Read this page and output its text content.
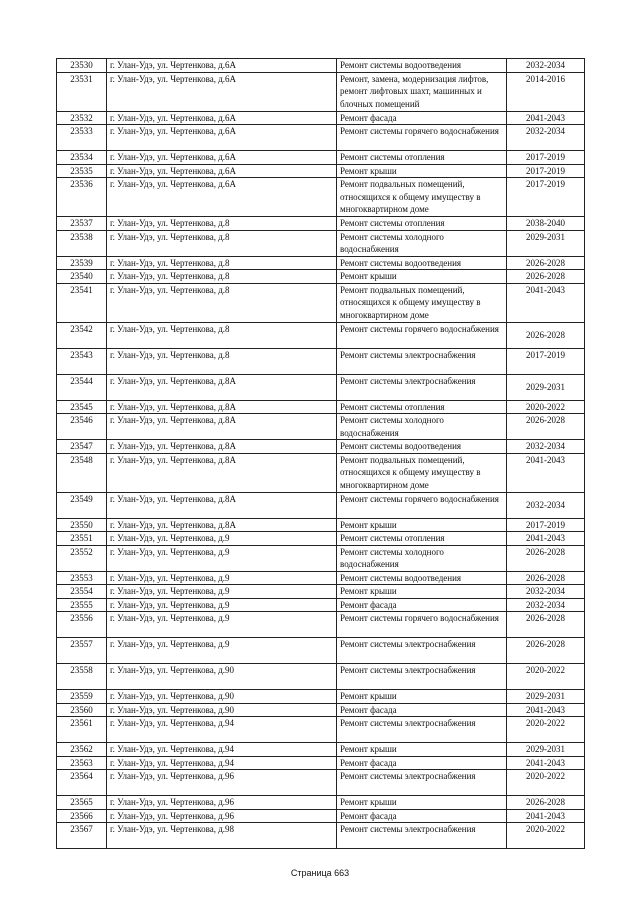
23530	г. Улан-Удэ, ул. Чертенкова, д.6А	Ремонт системы водоотведения	2032-2034
23531	г. Улан-Удэ, ул. Чертенкова, д.6А	Ремонт, замена, модернизация лифтов, ремонт лифтовых шахт, машинных и блочных помещений	2014-2016
23532	г. Улан-Удэ, ул. Чертенкова, д.6А	Ремонт фасада	2041-2043
23533	г. Улан-Удэ, ул. Чертенкова, д.6А	Ремонт системы горячего водоснабжения	2032-2034
23534	г. Улан-Удэ, ул. Чертенкова, д.6А	Ремонт системы отопления	2017-2019
23535	г. Улан-Удэ, ул. Чертенкова, д.6А	Ремонт крыши	2017-2019
23536	г. Улан-Удэ, ул. Чертенкова, д.6А	Ремонт подвальных помещений, относящихся к общему имуществу в многоквартирном доме	2017-2019
23537	г. Улан-Удэ, ул. Чертенкова, д.8	Ремонт системы отопления	2038-2040
23538	г. Улан-Удэ, ул. Чертенкова, д.8	Ремонт системы холодного водоснабжения	2029-2031
23539	г. Улан-Удэ, ул. Чертенкова, д.8	Ремонт системы водоотведения	2026-2028
23540	г. Улан-Удэ, ул. Чертенкова, д.8	Ремонт крыши	2026-2028
23541	г. Улан-Удэ, ул. Чертенкова, д.8	Ремонт подвальных помещений, относящихся к общему имуществу в многоквартирном доме	2041-2043
23542	г. Улан-Удэ, ул. Чертенкова, д.8	Ремонт системы горячего водоснабжения	2026-2028
23543	г. Улан-Удэ, ул. Чертенкова, д.8	Ремонт системы электроснабжения	2017-2019
23544	г. Улан-Удэ, ул. Чертенкова, д.8А	Ремонт системы электроснабжения	2029-2031
23545	г. Улан-Удэ, ул. Чертенкова, д.8А	Ремонт системы отопления	2020-2022
23546	г. Улан-Удэ, ул. Чертенкова, д.8А	Ремонт системы холодного водоснабжения	2026-2028
23547	г. Улан-Удэ, ул. Чертенкова, д.8А	Ремонт системы водоотведения	2032-2034
23548	г. Улан-Удэ, ул. Чертенкова, д.8А	Ремонт подвальных помещений, относящихся к общему имуществу в многоквартирном доме	2041-2043
23549	г. Улан-Удэ, ул. Чертенкова, д.8А	Ремонт системы горячего водоснабжения	2032-2034
23550	г. Улан-Удэ, ул. Чертенкова, д.8А	Ремонт крыши	2017-2019
23551	г. Улан-Удэ, ул. Чертенкова, д.9	Ремонт системы отопления	2041-2043
23552	г. Улан-Удэ, ул. Чертенкова, д.9	Ремонт системы холодного водоснабжения	2026-2028
23553	г. Улан-Удэ, ул. Чертенкова, д.9	Ремонт системы водоотведения	2026-2028
23554	г. Улан-Удэ, ул. Чертенкова, д.9	Ремонт крыши	2032-2034
23555	г. Улан-Удэ, ул. Чертенкова, д.9	Ремонт фасада	2032-2034
23556	г. Улан-Удэ, ул. Чертенкова, д.9	Ремонт системы горячего водоснабжения	2026-2028
23557	г. Улан-Удэ, ул. Чертенкова, д.9	Ремонт системы электроснабжения	2026-2028
23558	г. Улан-Удэ, ул. Чертенкова, д.90	Ремонт системы электроснабжения	2020-2022
23559	г. Улан-Удэ, ул. Чертенкова, д.90	Ремонт крыши	2029-2031
23560	г. Улан-Удэ, ул. Чертенкова, д.90	Ремонт фасада	2041-2043
23561	г. Улан-Удэ, ул. Чертенкова, д.94	Ремонт системы электроснабжения	2020-2022
23562	г. Улан-Удэ, ул. Чертенкова, д.94	Ремонт крыши	2029-2031
23563	г. Улан-Удэ, ул. Чертенкова, д.94	Ремонт фасада	2041-2043
23564	г. Улан-Удэ, ул. Чертенкова, д.96	Ремонт системы электроснабжения	2020-2022
23565	г. Улан-Удэ, ул. Чертенкова, д.96	Ремонт крыши	2026-2028
23566	г. Улан-Удэ, ул. Чертенкова, д.96	Ремонт фасада	2041-2043
23567	г. Улан-Удэ, ул. Чертенкова, д.98	Ремонт системы электроснабжения	2020-2022
Страница 663
